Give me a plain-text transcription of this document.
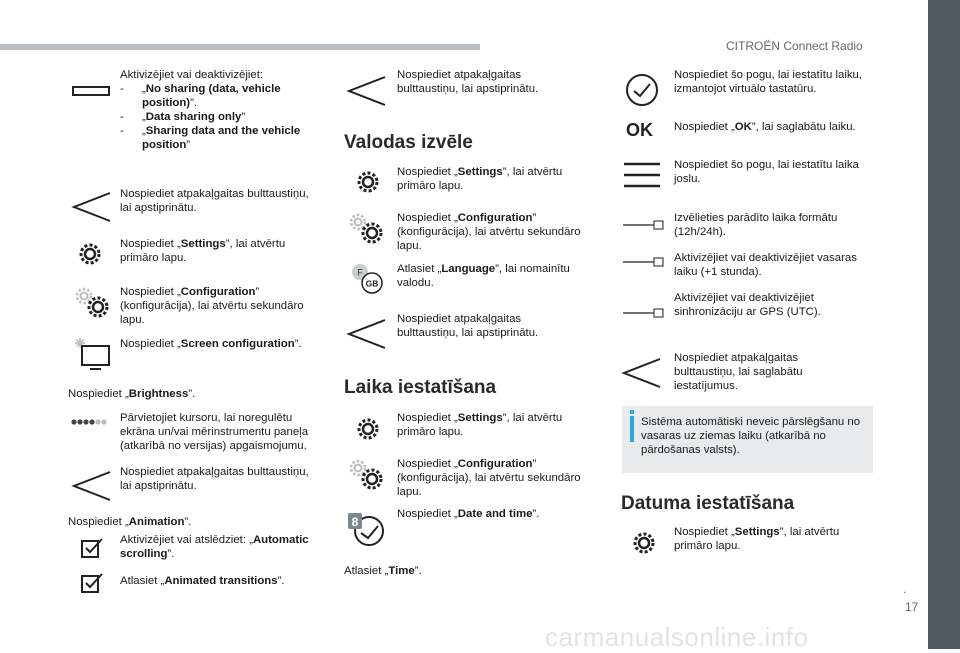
CITROËN Connect Radio
.
17
carmanualsonline.info
Aktivizējiet vai deaktivizējiet:
- „No sharing (data, vehicle position)”.
- „Data sharing only”
- „Sharing data and the vehicle position”
Nospiediet atpakaļgaitas bulttaustiņu, lai apstiprinātu.
Nospiediet „Settings”, lai atvērtu primāro lapu.
Nospiediet „Configuration” (konfigurācija), lai atvērtu sekundāro lapu.
Nospiediet „Screen configuration”.
Nospiediet „Brightness”.
Pārvietojiet kursoru, lai noregulētu ekrāna un/vai mērinstrumentu paneļa (atkarībā no versijas) apgaismojumu.
Nospiediet atpakaļgaitas bulttaustiņu, lai apstiprinātu.
Nospiediet „Animation”.
Aktivizējiet vai atslēdziet: „Automatic scrolling”.
Atlasiet „Animated transitions”.
Nospiediet atpakaļgaitas bulttaustiņu, lai apstiprinātu.
Valodas izvēle
Nospiediet „Settings”, lai atvērtu primāro lapu.
Nospiediet „Configuration” (konfigurācija), lai atvērtu sekundāro lapu.
F
GB
Atlasiet „Language”, lai nomainītu valodu.
Nospiediet atpakaļgaitas bulttaustiņu, lai apstiprinātu.
Laika iestatīšana
Nospiediet „Settings”, lai atvērtu primāro lapu.
Nospiediet „Configuration” (konfigurācija), lai atvērtu sekundāro lapu.
8
Nospiediet „Date and time”.
Atlasiet „Time”.
Nospiediet šo pogu, lai iestatītu laiku, izmantojot virtuālo tastatūru.
OK Nospiediet „OK”, lai saglabātu laiku.
Nospiediet šo pogu, lai iestatītu laika joslu.
Izvēlieties parādīto laika formātu (12h/24h).
Aktivizējiet vai deaktivizējiet vasaras laiku (+1 stunda).
Aktivizējiet vai deaktivizējiet sinhronizāciju ar GPS (UTC).
Nospiediet atpakaļgaitas bulttaustiņu, lai saglabātu iestatījumus.
Sistēma automātiski neveic pārslēgšanu no vasaras uz ziemas laiku (atkarībā no pārdošanas valsts).
Datuma iestatīšana
Nospiediet „Settings”, lai atvērtu primāro lapu.
